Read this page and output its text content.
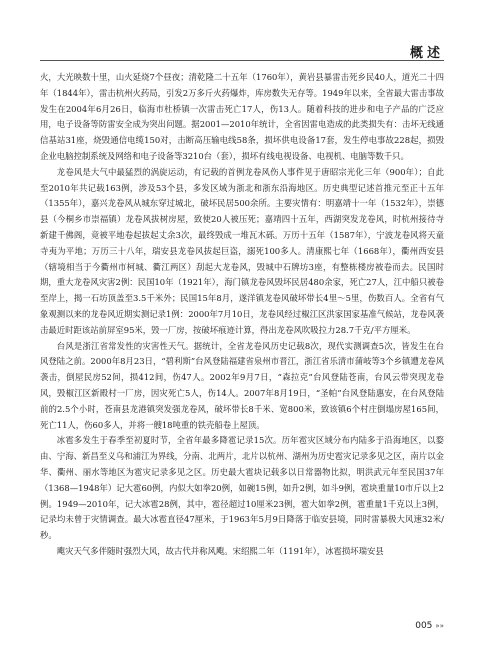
概述

火，大光映数十里，山火延烧7个昼夜；清乾隆二十五年（1760年），黄岩县暴雷击死乡民40人，道光二十四年（1844年），雷击杭州火药局，引发2万多斤火药爆炸，库房数失无存等。1949年以来，全省最大雷击事故发生在2004年6月26日，临海市杜桥镇一次雷击死亡17人，伤13人。随着科技的进步和电子产品的广泛应用，电子设备等防雷安全成为突出问题。据2001—2010年统计，全省因雷电造成的此类损失有：击坏无线通信基站31座，烧毁通信电缆150对，击断高压输电线58条，损坏供电设备17套，发生停电事故228起，损毁企业电脑控制系统及网络和电子设备等3210台（套），损坏有线电视设备、电视机、电脑等数千只。

龙卷风是大气中最猛烈的涡旋运动，有记载的首例龙卷风伤人事件见于唐昭宗光化三年（900年）；自此至2010年共记载163例，涉及53个县，多发区域为浙北和浙东沿海地区。历史典型记述首推元至正十五年（1355年），嘉兴龙卷风从城东穿过城北，破坏民居500余所。主要灾情有：明嘉靖十一年（1532年），崇德县（今桐乡市崇福镇）龙卷风拔树房屋，致使20人被压死；嘉靖四十五年，西湖突发龙卷风，时杭州接待寺新建千佛阁，竟被平地卷起拔起丈余3次，最终毁成一堆瓦木砾。万历十五年（1587年），宁波龙卷风将天童寺夷为平地；万历三十八年，瑞安县龙卷风拔起巨盗，溺死100多人。清康熙七年（1668年），衢州西安县（辖境相当于今衢州市柯城、衢江两区）刮起大龙卷风，毁城中石牌坊3座，有整栋楼房被卷而去。民国时期，重大龙卷风灾害2例：民国10年（1921年），海门镇龙卷风毁坏民居480余家，死亡27人，江中船只被卷至岸上，揭一石坊顶盖至3.5千米外；民国15年8月，遂洋镇龙卷风破坏带长4里～5里，伤数百人。全省有气象观测以来的龙卷风近期实测记录1例：2000年7月10日，龙卷风经过椒江区洪家国家基准气候站，龙卷风袭击最近时距该站前屏室95米，毁一厂房，按破坏痕迹计算，得出龙卷风吹吸拉力28.7千克/平方厘米。

台风是浙江省常发性的灾害性天气。据统计，全省龙卷风历史记载8次，现代实测调查5次，皆发生在台风登陆之前。2000年8月23日，“碧利斯”台风登陆福建省泉州市晋江，浙江省乐清市蒲岐等3个乡镇遭龙卷风袭击，倒屋民房52间，损412间，伤47人。2002年9月7日，“森拉克”台风登陆苍南，台风云带突现龙卷风，毁椒江区新殿村一厂房，因灾死亡5人，伤14人。2007年8月19日，“圣帕”台风登陆惠安，在台风登陆前的2.5个小时，苍南县龙港镇突发强龙卷风，破坏带长8千米、宽800米，致该镇6个村庄倒塌房屋165间，死亡11人，伤60多人，并将一艘18吨重的铁壳船卷上屋顶。

冰雹多发生于春季至初夏时节，全省年最多降雹记录15次。历年雹灾区域分布内陆多于沿海地区，以婺由、宁海、新昌至义乌和浦江为界线，分南、北两片，北片以杭州、湖州为历史雹灾记录多见之区，南片以金华、衢州、丽水等地区为雹灾记录多见之区。历史最大雹块记载多以日常器物比拟，明洪武元年至民国37年（1368—1948年）记大雹60例，内似大如拳20例，如碗15例，如升2例，如斗9例，雹块重量10市斤以上2例。1949—2010年，记大冰雹28例，其中，雹径超过10厘米23例，雹大如拳2例，雹重量1千克以上3例，记录均未曾于灾情调查。最大冰雹直径47厘米，于1963年5月9日降落于临安县境，同时雷暴极大风速32米/秒。

飑灾天气多伴随时强烈大风，故古代并称风飑。宋绍熙二年（1191年），冰雹损坏瑞安县

005 »»
